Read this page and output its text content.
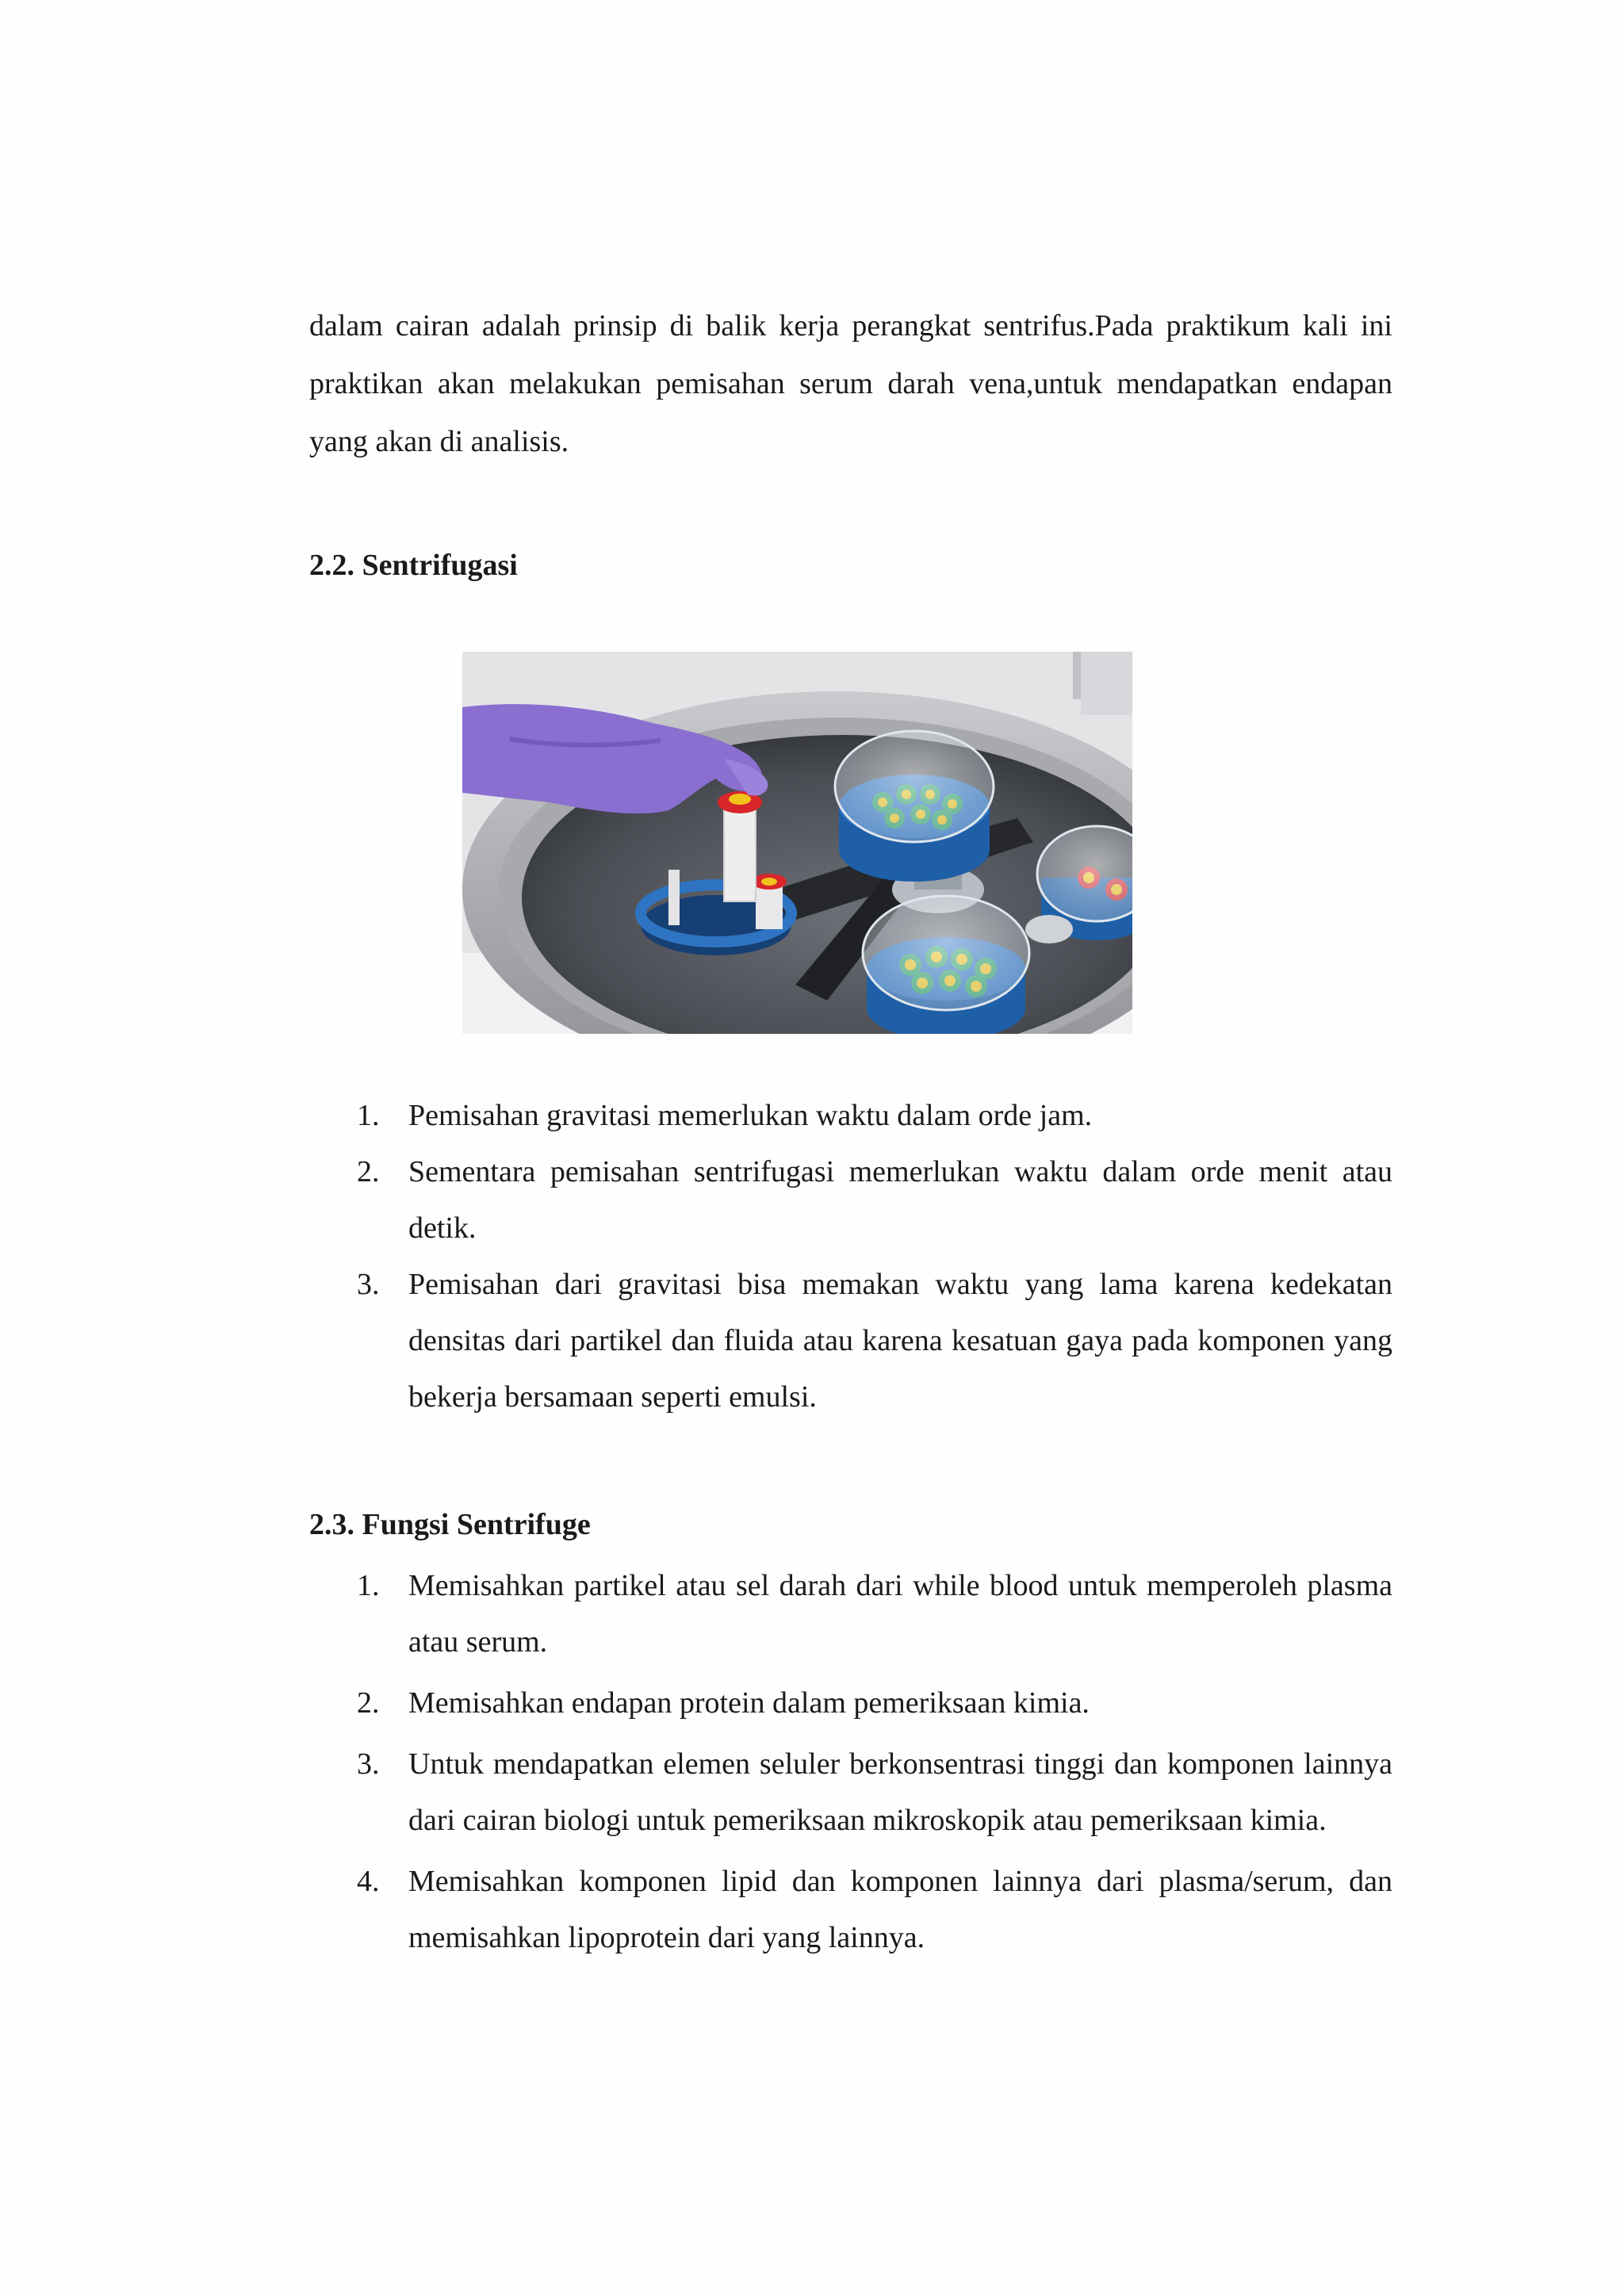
dalam cairan adalah prinsip di balik kerja perangkat sentrifus.Pada praktikum kali ini praktikan akan melakukan pemisahan serum darah vena,untuk mendapatkan endapan yang akan di analisis.

2.2. Sentrifugasi
1. Pemisahan gravitasi memerlukan waktu dalam orde jam.
2. Sementara pemisahan sentrifugasi memerlukan waktu dalam orde menit atau detik.
3. Pemisahan dari gravitasi bisa memakan waktu yang lama karena kedekatan densitas dari partikel dan fluida atau karena kesatuan gaya pada komponen yang bekerja bersamaan seperti emulsi.
2.3. Fungsi Sentrifuge
1. Memisahkan partikel atau sel darah dari while blood untuk memperoleh plasma atau serum.
2. Memisahkan endapan protein dalam pemeriksaan kimia.
3. Untuk mendapatkan elemen seluler berkonsentrasi tinggi dan komponen lainnya dari cairan biologi untuk pemeriksaan mikroskopik atau pemeriksaan kimia.
4. Memisahkan komponen lipid dan komponen lainnya dari plasma/serum, dan memisahkan lipoprotein dari yang lainnya.
